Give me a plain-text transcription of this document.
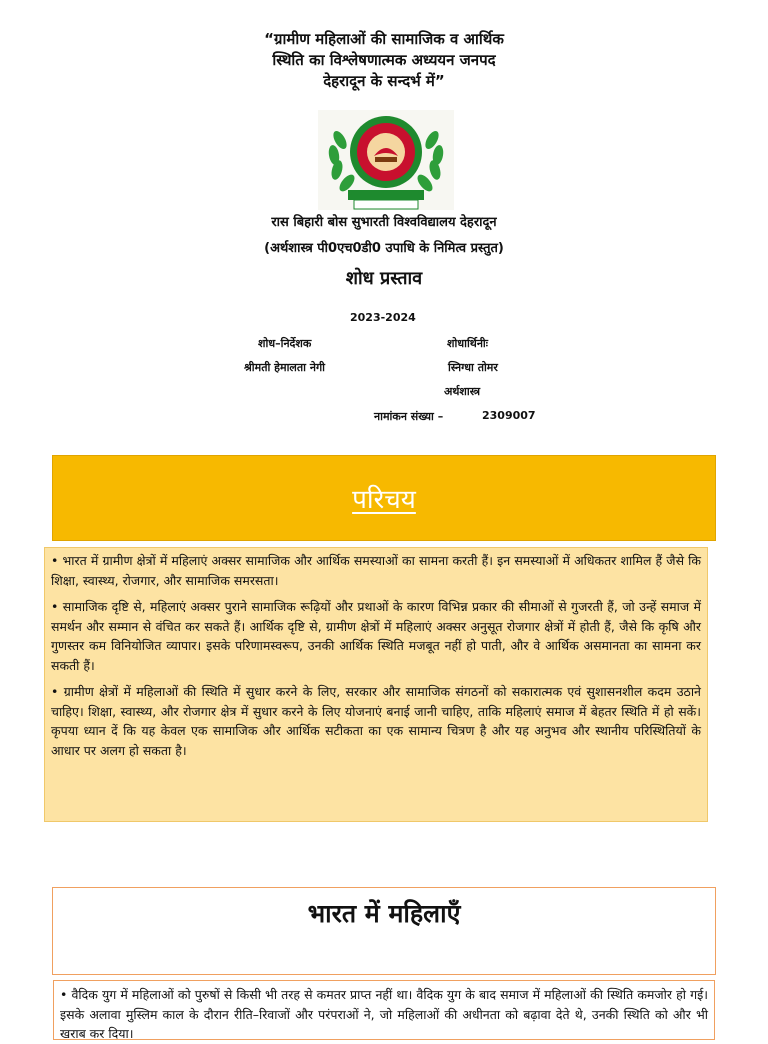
“ग्रामीण महिलाओं की सामाजिक व आर्थिक
स्थिति का विश्लेषणात्मक अध्ययन जनपद
देहरादून के सन्दर्भ में”
रास बिहारी बोस सुभारती विश्वविद्यालय देहरादून
(अर्थशास्त्र पी0एच0डी0 उपाधि के निमित्व प्रस्तुत)
शोध प्रस्ताव
2023-2024
शोध–निर्देशक
श्रीमती हेमालता नेगी
शोधार्थिनीः
स्निग्धा तोमर
अर्थशास्त्र
नामांकन संख्या –	2309007
परिचय

• भारत में ग्रामीण क्षेत्रों में महिलाएं अक्सर सामाजिक और आर्थिक समस्याओं का सामना करती हैं। इन समस्याओं में अधिकतर शामिल हैं जैसे कि शिक्षा, स्वास्थ्य, रोजगार, और सामाजिक समरसता।

• सामाजिक दृष्टि से, महिलाएं अक्सर पुराने सामाजिक रूढ़ियों और प्रथाओं के कारण विभिन्न प्रकार की सीमाओं से गुजरती हैं, जो उन्हें समाज में समर्थन और सम्मान से वंचित कर सकते हैं। आर्थिक दृष्टि से, ग्रामीण क्षेत्रों में महिलाएं अक्सर अनुसूत रोजगार क्षेत्रों में होती हैं, जैसे कि कृषि और गुणस्तर कम विनियोजित व्यापार। इसके परिणामस्वरूप, उनकी आर्थिक स्थिति मजबूत नहीं हो पाती, और वे आर्थिक असमानता का सामना कर सकती हैं।

• ग्रामीण क्षेत्रों में महिलाओं की स्थिति में सुधार करने के लिए, सरकार और सामाजिक संगठनों को सकारात्मक एवं सुशासनशील कदम उठाने चाहिए। शिक्षा, स्वास्थ्य, और रोजगार क्षेत्र में सुधार करने के लिए योजनाएं बनाई जानी चाहिए, ताकि महिलाएं समाज में बेहतर स्थिति में हो सकें। कृपया ध्यान दें कि यह केवल एक सामाजिक और आर्थिक सटीकता का एक सामान्य चित्रण है और यह अनुभव और स्थानीय परिस्थितियों के आधार पर अलग हो सकता है।

भारत में महिलाएँ
• वैदिक युग में महिलाओं को पुरुषों से किसी भी तरह से कमतर प्राप्त नहीं था। वैदिक युग के बाद समाज में महिलाओं की स्थिति कमजोर हो गई। इसके अलावा मुस्लिम काल के दौरान रीति–रिवाजों और परंपराओं ने, जो महिलाओं की अधीनता को बढ़ावा देते थे, उनकी स्थिति को और भी खराब कर दिया।
